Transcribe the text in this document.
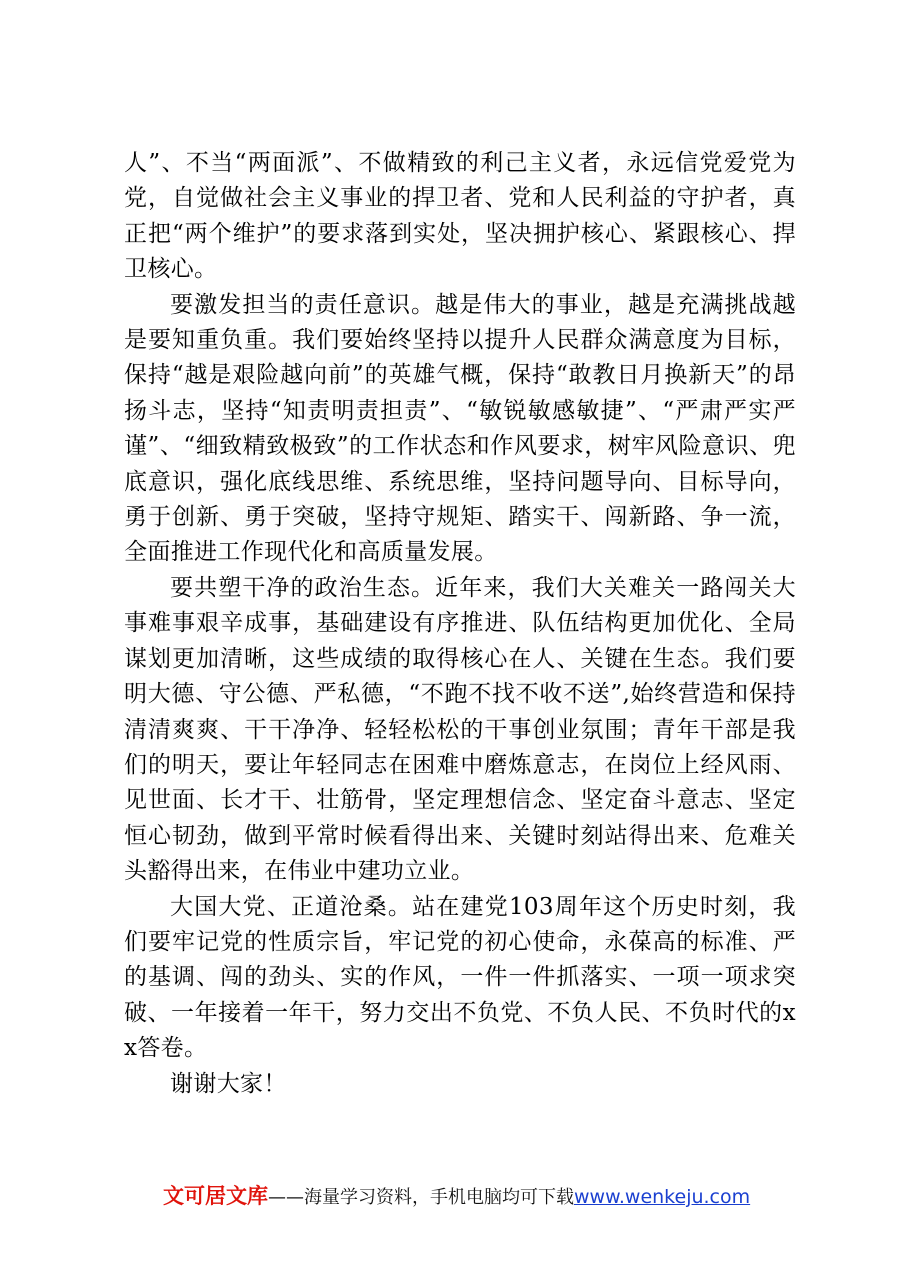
人”、不当“两面派”、不做精致的利己主义者，永远信党爱党为党，自觉做社会主义事业的捍卫者、党和人民利益的守护者，真正把“两个维护”的要求落到实处，坚决拥护核心、紧跟核心、捍卫核心。

要激发担当的责任意识。越是伟大的事业，越是充满挑战越是要知重负重。我们要始终坚持以提升人民群众满意度为目标，保持“越是艰险越向前”的英雄气概，保持“敢教日月换新天”的昂扬斗志，坚持“知责明责担责”、“敏锐敏感敏捷”、“严肃严实严谨”、“细致精致极致”的工作状态和作风要求，树牢风险意识、兜底意识，强化底线思维、系统思维，坚持问题导向、目标导向，勇于创新、勇于突破，坚持守规矩、踏实干、闯新路、争一流，全面推进工作现代化和高质量发展。

要共塑干净的政治生态。近年来，我们大关难关一路闯关大事难事艰辛成事，基础建设有序推进、队伍结构更加优化、全局谋划更加清晰，这些成绩的取得核心在人、关键在生态。我们要明大德、守公德、严私德，“不跑不找不收不送”,始终营造和保持清清爽爽、干干净净、轻轻松松的干事创业氛围；青年干部是我们的明天，要让年轻同志在困难中磨炼意志，在岗位上经风雨、见世面、长才干、壮筋骨，坚定理想信念、坚定奋斗意志、坚定恒心韧劲，做到平常时候看得出来、关键时刻站得出来、危难关头豁得出来，在伟业中建功立业。

大国大党、正道沧桑。站在建党103周年这个历史时刻，我们要牢记党的性质宗旨，牢记党的初心使命，永葆高的标准、严的基调、闯的劲头、实的作风，一件一件抓落实、一项一项求突破、一年接着一年干，努力交出不负党、不负人民、不负时代的xx答卷。

谢谢大家！

文可居文库——海量学习资料，手机电脑均可下载www.wenkeju.com
